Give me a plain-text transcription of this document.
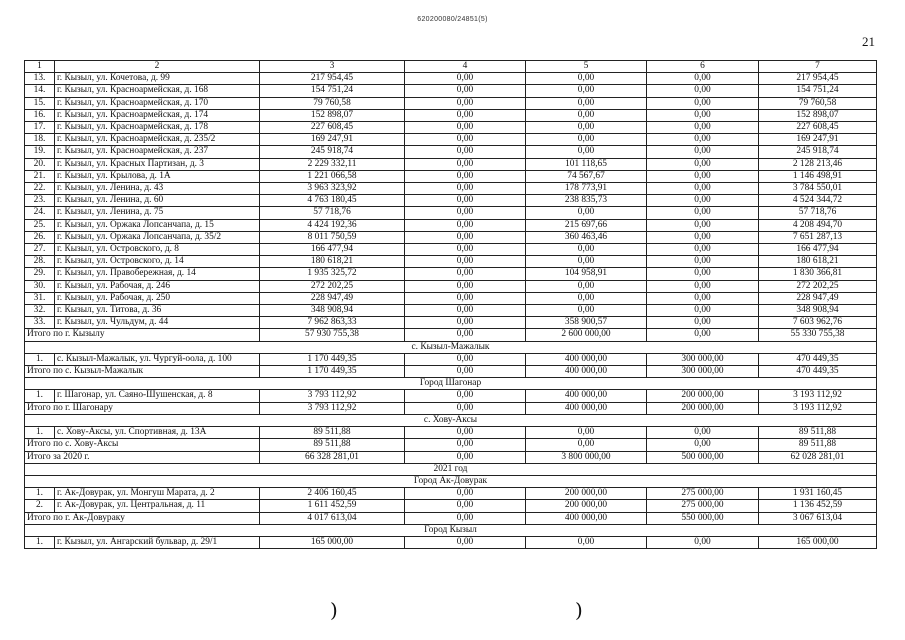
620200080/24851(5)
21
1	2	3	4	5	6	7
13.	г. Кызыл, ул. Кочетова, д. 99	217 954,45	0,00	0,00	0,00	217 954,45
14.	г. Кызыл, ул. Красноармейская, д. 168	154 751,24	0,00	0,00	0,00	154 751,24
15.	г. Кызыл, ул. Красноармейская, д. 170	79 760,58	0,00	0,00	0,00	79 760,58
16.	г. Кызыл, ул. Красноармейская, д. 174	152 898,07	0,00	0,00	0,00	152 898,07
17.	г. Кызыл, ул. Красноармейская, д. 178	227 608,45	0,00	0,00	0,00	227 608,45
18.	г. Кызыл, ул. Красноармейская, д. 235/2	169 247,91	0,00	0,00	0,00	169 247,91
19.	г. Кызыл, ул. Красноармейская, д. 237	245 918,74	0,00	0,00	0,00	245 918,74
20.	г. Кызыл, ул. Красных Партизан, д. 3	2 229 332,11	0,00	101 118,65	0,00	2 128 213,46
21.	г. Кызыл, ул. Крылова, д. 1А	1 221 066,58	0,00	74 567,67	0,00	1 146 498,91
22.	г. Кызыл, ул. Ленина, д. 43	3 963 323,92	0,00	178 773,91	0,00	3 784 550,01
23.	г. Кызыл, ул. Ленина, д. 60	4 763 180,45	0,00	238 835,73	0,00	4 524 344,72
24.	г. Кызыл, ул. Ленина, д. 75	57 718,76	0,00	0,00	0,00	57 718,76
25.	г. Кызыл, ул. Оржака Лопсанчапа, д. 15	4 424 192,36	0,00	215 697,66	0,00	4 208 494,70
26.	г. Кызыл, ул. Оржака Лопсанчапа, д. 35/2	8 011 750,59	0,00	360 463,46	0,00	7 651 287,13
27.	г. Кызыл, ул. Островского, д. 8	166 477,94	0,00	0,00	0,00	166 477,94
28.	г. Кызыл, ул. Островского, д. 14	180 618,21	0,00	0,00	0,00	180 618,21
29.	г. Кызыл, ул. Правобережная, д. 14	1 935 325,72	0,00	104 958,91	0,00	1 830 366,81
30.	г. Кызыл, ул. Рабочая, д. 246	272 202,25	0,00	0,00	0,00	272 202,25
31.	г. Кызыл, ул. Рабочая, д. 250	228 947,49	0,00	0,00	0,00	228 947,49
32.	г. Кызыл, ул. Титова, д. 36	348 908,94	0,00	0,00	0,00	348 908,94
33.	г. Кызыл, ул. Чульдум, д. 44	7 962 863,33	0,00	358 900,57	0,00	7 603 962,76
Итого по г. Кызылу		57 930 755,38	0,00	2 600 000,00	0,00	55 330 755,38
с. Кызыл-Мажалык						
1.	с. Кызыл-Мажалык, ул. Чургуй-оола, д. 100	1 170 449,35	0,00	400 000,00	300 000,00	470 449,35
Итого по с. Кызыл-Мажалык		1 170 449,35	0,00	400 000,00	300 000,00	470 449,35
Город Шагонар						
1.	г. Шагонар, ул. Саяно-Шушенская, д. 8	3 793 112,92	0,00	400 000,00	200 000,00	3 193 112,92
Итого по г. Шагонару		3 793 112,92	0,00	400 000,00	200 000,00	3 193 112,92
с. Хову-Аксы						
1.	с. Хову-Аксы, ул. Спортивная, д. 13А	89 511,88	0,00	0,00	0,00	89 511,88
Итого по с. Хову-Аксы		89 511,88	0,00	0,00	0,00	89 511,88
Итого за 2020 г.		66 328 281,01	0,00	3 800 000,00	500 000,00	62 028 281,01
2021 год						
Город Ак-Довурак						
1.	г. Ак-Довурак, ул. Монгуш Марата, д. 2	2 406 160,45	0,00	200 000,00	275 000,00	1 931 160,45
2.	г. Ак-Довурак, ул. Центральная, д. 11	1 611 452,59	0,00	200 000,00	275 000,00	1 136 452,59
Итого по г. Ак-Довураку		4 017 613,04	0,00	400 000,00	550 000,00	3 067 613,04
Город Кызыл						
1.	г. Кызыл, ул. Ангарский бульвар, д. 29/1	165 000,00	0,00	0,00	0,00	165 000,00
)	)
